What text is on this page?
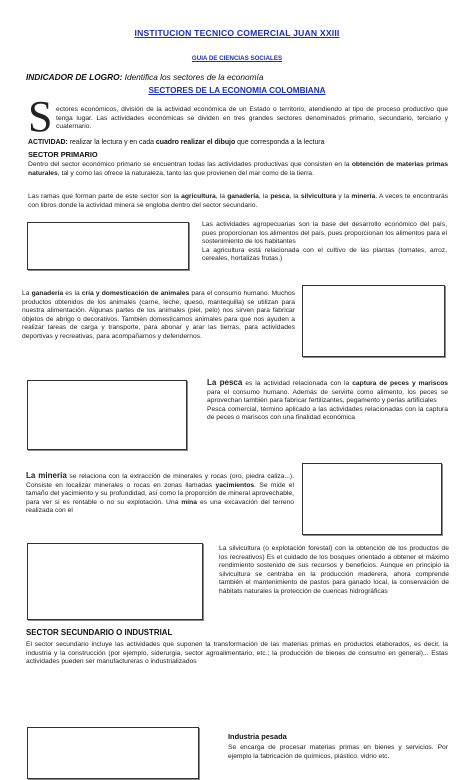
INSTITUCION TECNICO COMERCIAL JUAN XXIII
GUIA DE CIENCIAS SOCIALES
INDICADOR DE LOGRO: Identifica los sectores de la economía
SECTORES DE LA ECONOMIA COLOMBIANA
S ectores económicos, división de la actividad económica de un Estado o territorio, atendiendo al tipo de proceso productivo que tenga lugar. Las actividades económicas se dividen en tres grandes sectores denominados primario, secundario, terciario y cuaternario.
ACTIVIDAD: realizar la lectura y en cada cuadro realizar el dibujo que corresponda a la lectura
SECTOR PRIMARIO
Dentro del sector económico primario se encuentran todas las actividades productivas que consisten en la obtención de materias primas naturales, tal y como las ofrece la naturaleza, tanto las que provienen del mar como de la tierra.
Las ramas que forman parte de este sector son la agricultura, la ganadería, la pesca, la silvicultura y la minería. A veces te encontrarás con libros donde la actividad minera se engloba dentro del sector secundario.
Las actividades agropecuarias son la base del desarrollo económico del país, pues proporcionan los alimentos del país, pues proporcionan los alimentos para el sostenimiento de los habitantes
La agricultura está relacionada con el cultivo de las plantas (tomates, arroz, cereales, hortalizas frutas.)
La ganadería es la cría y domesticación de animales para el consumo humano. Muchos productos obtenidos de los animales (carne, leche, queso, mantequilla) se utilizan para nuestra alimentación. Algunas partes de los animales (piel, pelo) nos sirven para fabricar objetos de abrigo o decorativos. También domesticamos animales para que nos ayuden a realizar tareas de carga y transporte, para abonar y arar las tierras, para actividades deportivas y recreativas, para acompañarnos y defendernos.
La pesca es la actividad relacionada con la captura de peces y mariscos para el consumo humano. Además de servirte como alimento, los peces se aprovechan también para fabricar fertilizantes, pegamento y perlas artificiales
Pesca comercial, término aplicado a las actividades relacionadas con la captura de peces o mariscos con una finalidad económica
La minería se relaciona con la extracción de minerales y rocas (oro, piedra caliza...). Consiste en localizar minerales o rocas en zonas llamadas yacimientos. Se mide el tamaño del yacimiento y su profundidad, así como la proporción de mineral aprovechable, para ver si es rentable o no su explotación. Una mina es una excavación del terreno realizada con el
La silvicultura (o explotación forestal) con la obtención de los productos de los recreativos) Es el cuidado de los bosques orientado a obtener el máximo rendimiento sostenido de sus recursos y beneficios. Aunque en principio la silvicultura se centraba en la producción maderera, ahora comprende también el mantenimiento de pastos para ganado local, la conservación de hábitats naturales la protección de cuencas hidrográficas
SECTOR SECUNDARIO O INDUSTRIAL
El sector secundario incluye las actividades que suponen la transformación de las materias primas en productos elaborados, es decir, la industria y la construcción (por ejemplo, siderurgia, sector agroalimentario, etc.; la producción de bienes de consumo en general)... Estas actividades pueden ser manufactureras o industrializados
Industria pesada
Se encarga de procesar materias primas en bienes y servicios. Por ejemplo la fabricación de químicos, plástico, vidrio etc.
